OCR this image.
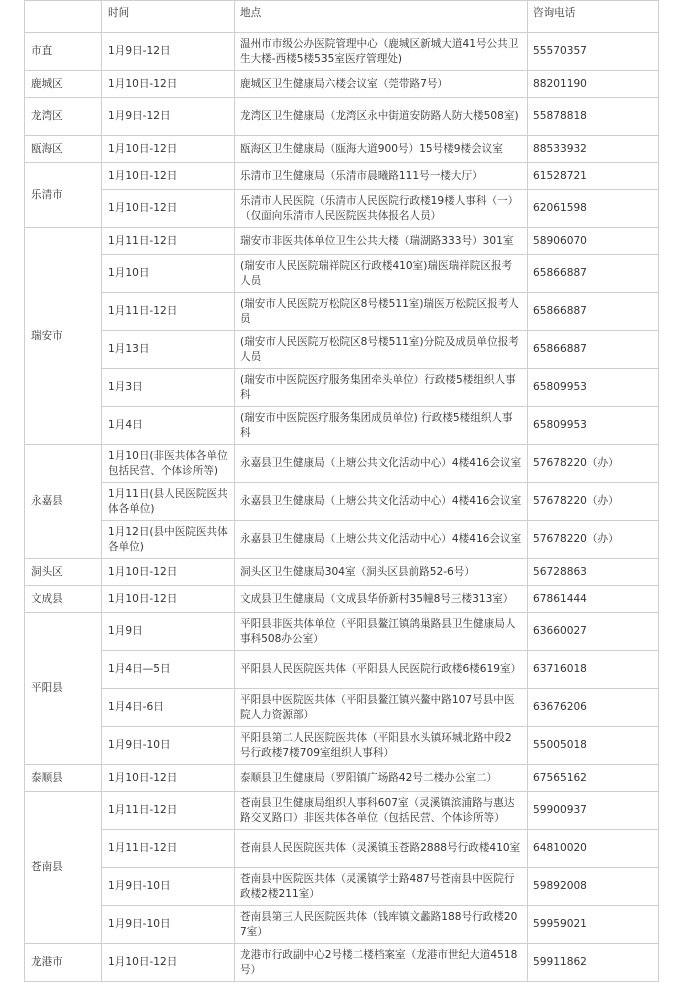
	时间	地点	咨询电话
市直	1月9日-12日	温州市市级公办医院管理中心（鹿城区新城大道41号公共卫生大楼-西楼5楼535室医疗管理处)	55570357
鹿城区	1月10日-12日	鹿城区卫生健康局六楼会议室（莞带路7号）	88201190
龙湾区	1月9日-12日	龙湾区卫生健康局（龙湾区永中街道安防路人防大楼508室)	55878818
瓯海区	1月10日-12日	瓯海区卫生健康局（瓯海大道900号）15号楼9楼会议室	88533932
乐清市	1月10日-12日	乐清市卫生健康局（乐清市晨曦路111号一楼大厅）	61528721
	1月10日-12日	乐清市人民医院（乐清市人民医院行政楼19楼人事科（一）（仅面向乐清市人民医院医共体报名人员）	62061598
瑞安市	1月11日-12日	瑞安市非医共体单位卫生公共大楼（瑞湖路333号）301室	58906070
	1月10日	(瑞安市人民医院瑞祥院区行政楼410室)瑞医瑞祥院区报考人员	65866887
	1月11日-12日	(瑞安市人民医院万松院区8号楼511室)瑞医万松院区报考人员	65866887
	1月13日	(瑞安市人民医院万松院区8号楼511室)分院及成员单位报考人员	65866887
	1月3日	(瑞安市中医院医疗服务集团牵头单位）行政楼5楼组织人事科	65809953
	1月4日	(瑞安市中医院医疗服务集团成员单位) 行政楼5楼组织人事科	65809953
永嘉县	1月10日(非医共体各单位包括民营、个体诊所等)	永嘉县卫生健康局（上塘公共文化活动中心）4楼416会议室	57678220（办）
	1月11日(县人民医院医共体各单位)	永嘉县卫生健康局（上塘公共文化活动中心）4楼416会议室	57678220（办）
	1月12日(县中医院医共体各单位)	永嘉县卫生健康局（上塘公共文化活动中心）4楼416会议室	57678220（办）
洞头区	1月10日-12日	洞头区卫生健康局304室（洞头区县前路52-6号）	56728863
文成县	1月10日-12日	文成县卫生健康局（文成县华侨新村35幢8号三楼313室）	67861444
平阳县	1月9日	平阳县非医共体单位（平阳县鳌江镇鸽巢路县卫生健康局人事科508办公室）	63660027
	1月4日—5日	平阳县人民医院医共体（平阳县人民医院行政楼6楼619室）	63716018
	1月4日-6日	平阳县中医院医共体（平阳县鳌江镇兴鳌中路107号县中医院人力资源部）	63676206
	1月9日-10日	平阳县第二人民医院医共体（平阳县水头镇环城北路中段2号行政楼7楼709室组织人事科）	55005018
泰顺县	1月10日-12日	泰顺县卫生健康局（罗阳镇广场路42号二楼办公室二）	67565162
苍南县	1月11日-12日	苍南县卫生健康局组织人事科607室（灵溪镇滨浦路与惠达路交叉路口）非医共体各单位（包括民营、个体诊所等）	59900937
	1月11日-12日	苍南县人民医院医共体（灵溪镇玉苍路2888号行政楼410室	64810020
	1月9日-10日	苍南县中医院医共体（灵溪镇学士路487号苍南县中医院行政楼2楼211室）	59892008
	1月9日-10日	苍南县第三人民医院医共体（钱库镇文蠡路188号行政楼207室）	59959021
龙港市	1月10日-12日	龙港市行政副中心2号楼二楼档案室（龙港市世纪大道4518号）	59911862
